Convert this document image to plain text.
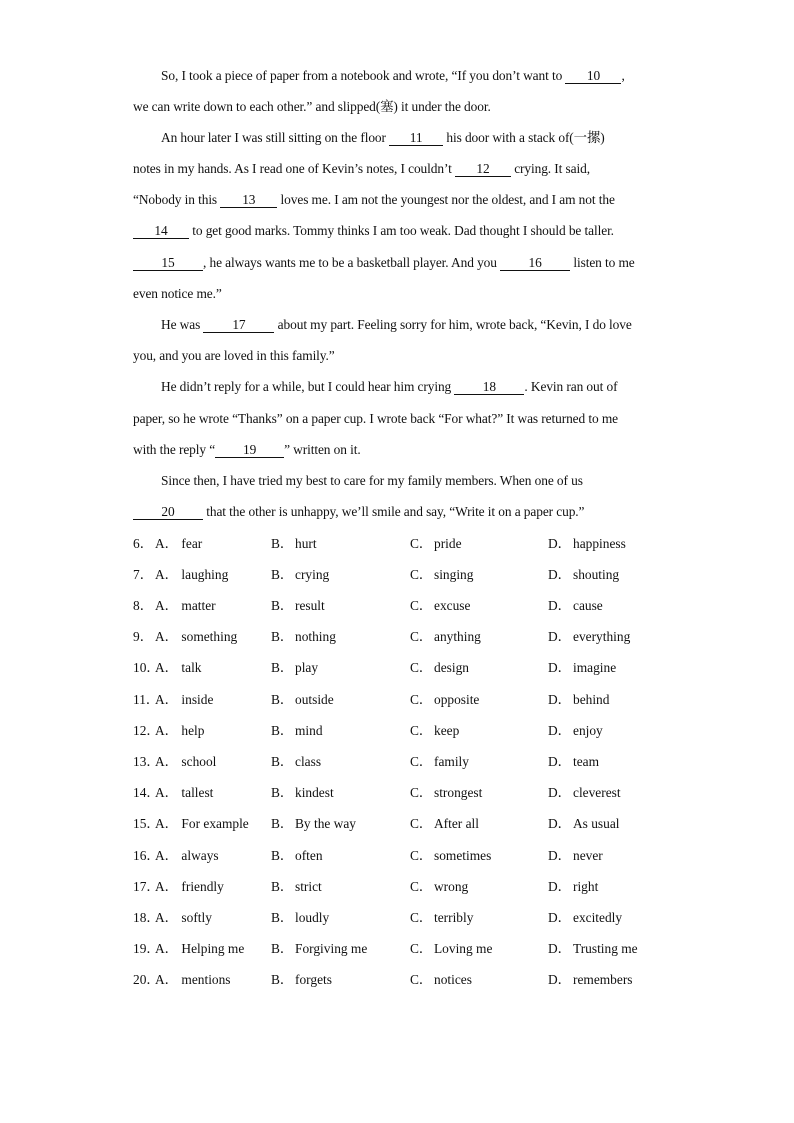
So, I took a piece of paper from a notebook and wrote, “If you don’t want to 10 ,
we can write down to each other.” and slipped(塞) it under the door.
An hour later I was still sitting on the floor 11 his door with a stack of(一摞)
notes in my hands. As I read one of Kevin’s notes, I couldn’t 12 crying. It said,
“Nobody in this 13 loves me. I am not the youngest nor the oldest, and I am not the
14 to get good marks. Tommy thinks I am too weak. Dad thought I should be taller.
15 , he always wants me to be a basketball player. And you 16 listen to me
even notice me.”
He was 17 about my part. Feeling sorry for him, wrote back, “Kevin, I do love
you, and you are loved in this family.”
He didn’t reply for a while, but I could hear him crying 18 . Kevin ran out of
paper, so he wrote “Thanks” on a paper cup. I wrote back “For what?” It was returned to me
with the reply “ 19 ” written on it.
Since then, I have tried my best to care for my family members. When one of us
20 that the other is unhappy, we’ll smile and say, “Write it on a paper cup.”
6． A． fear	B． hurt	C． pride	D． happiness
7． A． laughing	B． crying	C． singing	D． shouting
8． A． matter	B． result	C． excuse	D． cause
9． A． something	B． nothing	C． anything	D． everything
10．
A． talk	B． play	C． design	D． imagine
11．
A． inside	B． outside	C． opposite	D． behind
12．
A． help	B． mind	C． keep	D． enjoy
13．
A． school	B． class	C． family	D． team
14．
A． tallest	B． kindest	C． strongest	D． cleverest
15．
A． For example B． By the way	C． After all	D． As usual
16．
A． always	B． often	C． sometimes	D． never
17．
A． friendly	B． strict	C． wrong	D． right
18．
A． softly	B． loudly	C． terribly	D． excitedly
19．
A． Helping me B． Forgiving me	C． Loving me	D． Trusting me
20．
A． mentions	B． forgets	C． notices	D． remembers
